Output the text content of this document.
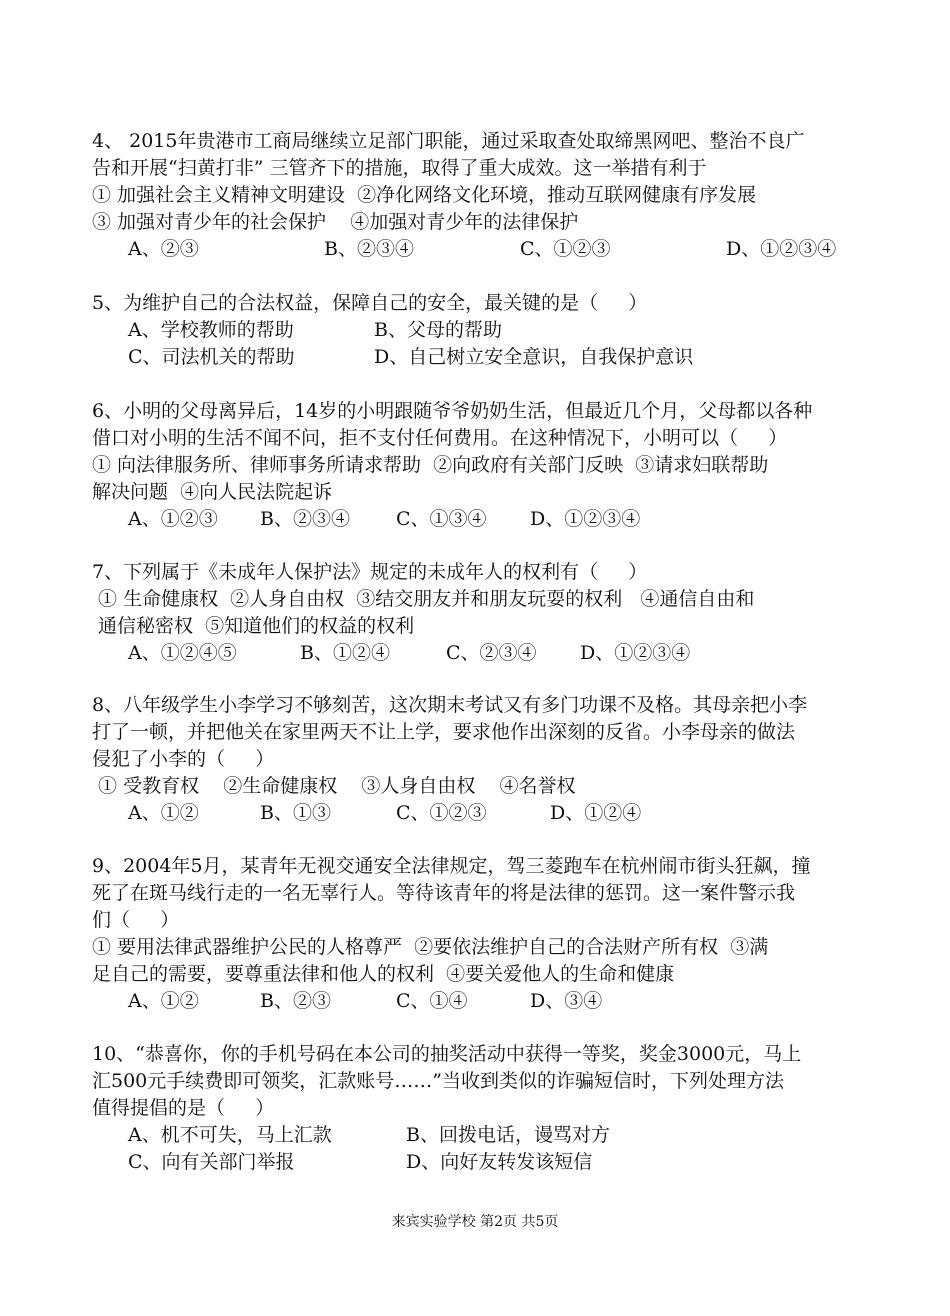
4、 2015年贵港市工商局继续立足部门职能，通过采取查处取缔黑网吧、整治不良广
告和开展“扫黄打非” 三管齐下的措施，取得了重大成效。这一举措有利于
① 加强社会主义精神文明建设  ②净化网络文化环境，推动互联网健康有序发展
③ 加强对青少年的社会保护    ④加强对青少年的法律保护
A、②③	B、②③④	C、①②③	D、①②③④
5、为维护自己的合法权益，保障自己的安全，最关键的是（     ）
A、学校教师的帮助	B、父母的帮助
C、司法机关的帮助	D、自己树立安全意识，自我保护意识
6、小明的父母离异后，14岁的小明跟随爷爷奶奶生活，但最近几个月，父母都以各种
借口对小明的生活不闻不问，拒不支付任何费用。在这种情况下，小明可以（     ）
① 向法律服务所、律师事务所请求帮助  ②向政府有关部门反映  ③请求妇联帮助
解决问题  ④向人民法院起诉
A、①②③ B、②③④ C、①③④ D、①②③④
7、下列属于《未成年人保护法》规定的未成年人的权利有（     ）
① 生命健康权  ②人身自由权  ③结交朋友并和朋友玩耍的权利   ④通信自由和
通信秘密权  ⑤知道他们的权益的权利
A、①②④⑤	B、①②④	C、②③④ D、①②③④
8、八年级学生小李学习不够刻苦，这次期末考试又有多门功课不及格。其母亲把小李
打了一顿，并把他关在家里两天不让上学，要求他作出深刻的反省。小李母亲的做法
侵犯了小李的（     ）
① 受教育权    ②生命健康权    ③人身自由权    ④名誉权
A、①②	B、①③	C、①②③	D、①②④
9、2004年5月，某青年无视交通安全法律规定，驾三菱跑车在杭州闹市街头狂飙，撞
死了在斑马线行走的一名无辜行人。等待该青年的将是法律的惩罚。这一案件警示我
们（     ）
① 要用法律武器维护公民的人格尊严  ②要依法维护自己的合法财产所有权  ③满
足自己的需要，要尊重法律和他人的权利  ④要关爱他人的生命和健康
A、①②	B、②③	C、①④	D、③④
10、“恭喜你，你的手机号码在本公司的抽奖活动中获得一等奖，奖金3000元，马上
汇500元手续费即可领奖，汇款账号……”当收到类似的诈骗短信时，下列处理方法
值得提倡的是（     ）
A、机不可失，马上汇款	B、回拨电话，谩骂对方
C、向有关部门举报	D、向好友转发该短信
来宾实验学校 第2页 共5页
